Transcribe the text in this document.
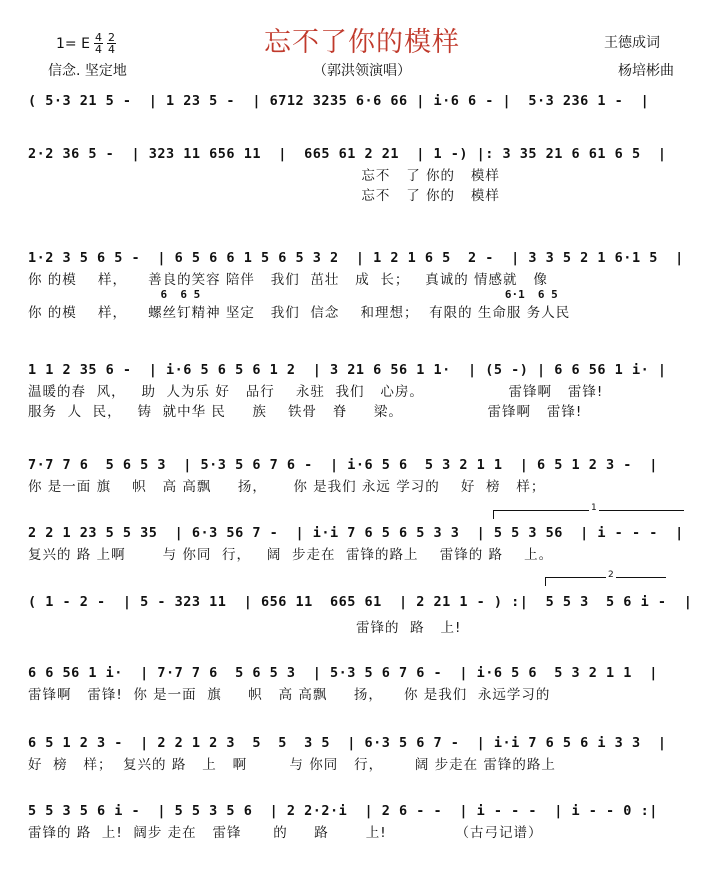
忘不了你的模样
（郭洪领演唱）
1= E 4
4
2
4
信念. 坚定地
王德成词
杨培彬曲
( 5·3 21 5 -  | 1 23 5 -  | 6712 3235 6·6 66 | i·6 6 - |  5·3 236 1 -  |
2·2 36 5 -  | 323 11 656 11  |  665 61 2 21  | 1 -) |: 3 35 21 6 61 6 5  |
忘不   了 你的   模样
忘不   了 你的   模样
1·2 3 5 6 5 -  | 6 5 6 6 1 5 6 5 3 2  | 1 2 1 6 5  2 -  | 3 3 5 2 1 6·1 5  |
你 的模    样，    善良的笑容 陪伴   我们  茁壮   成  长；   真诚的 情感就   像
6  6 5                                              6·1  6 5
你 的模    样，    螺丝钉精神 坚定   我们  信念    和理想；  有限的 生命服 务人民
1 1 2 35 6 -  | i·6 5 6 5 6 1 2  | 3 21 6 56 1 1·  | (5 -) | 6 6 56 1 i· |
温暖的春  风，   助  人为乐 好   品行    永驻  我们   心房。                雷锋啊   雷锋!
服务  人  民，   铸  就中华 民     族    铁骨   脊     梁。                雷锋啊   雷锋!
7·7 7 6  5 6 5 3  | 5·3 5 6 7 6 -  | i·6 5 6  5 3 2 1 1  | 6 5 1 2 3 -  |
你 是一面 旗    帜   高 高飘     扬，     你 是我们 永远 学习的    好  榜   样；
1
2 2 1 23 5 5 35  | 6·3 56 7 -  | i·i 7 6 5 6 5 3 3  | 5 5 3 56  | i - - -  |
复兴的 路 上啊       与 你同  行，   阔  步走在  雷锋的路上    雷锋的 路    上。
2
( 1 - 2 -  | 5 - 323 11  | 656 11  665 61  | 2 21 1 - ) :|  5 5 3  5 6 i -  |
雷锋的  路   上!
6 6 56 1 i·  | 7·7 7 6  5 6 5 3  | 5·3 5 6 7 6 -  | i·6 5 6  5 3 2 1 1  |
雷锋啊   雷锋!  你 是一面  旗     帜   高 高飘     扬，    你 是我们  永远学习的
6 5 1 2 3 -  | 2 2 1 2 3  5  5  3 5  | 6·3 5 6 7 -  | i·i 7 6 5 6 i 3 3  |
好  榜   样；  复兴的 路   上   啊        与 你同   行，      阔 步走在 雷锋的路上
5 5 3 5 6 i -  | 5 5 3 5 6  | 2 2·2·i  | 2 6 - -  | i - - -  | i - - 0 :|
雷锋的 路  上!  阔步 走在   雷锋      的     路       上!             （古弓记谱）
